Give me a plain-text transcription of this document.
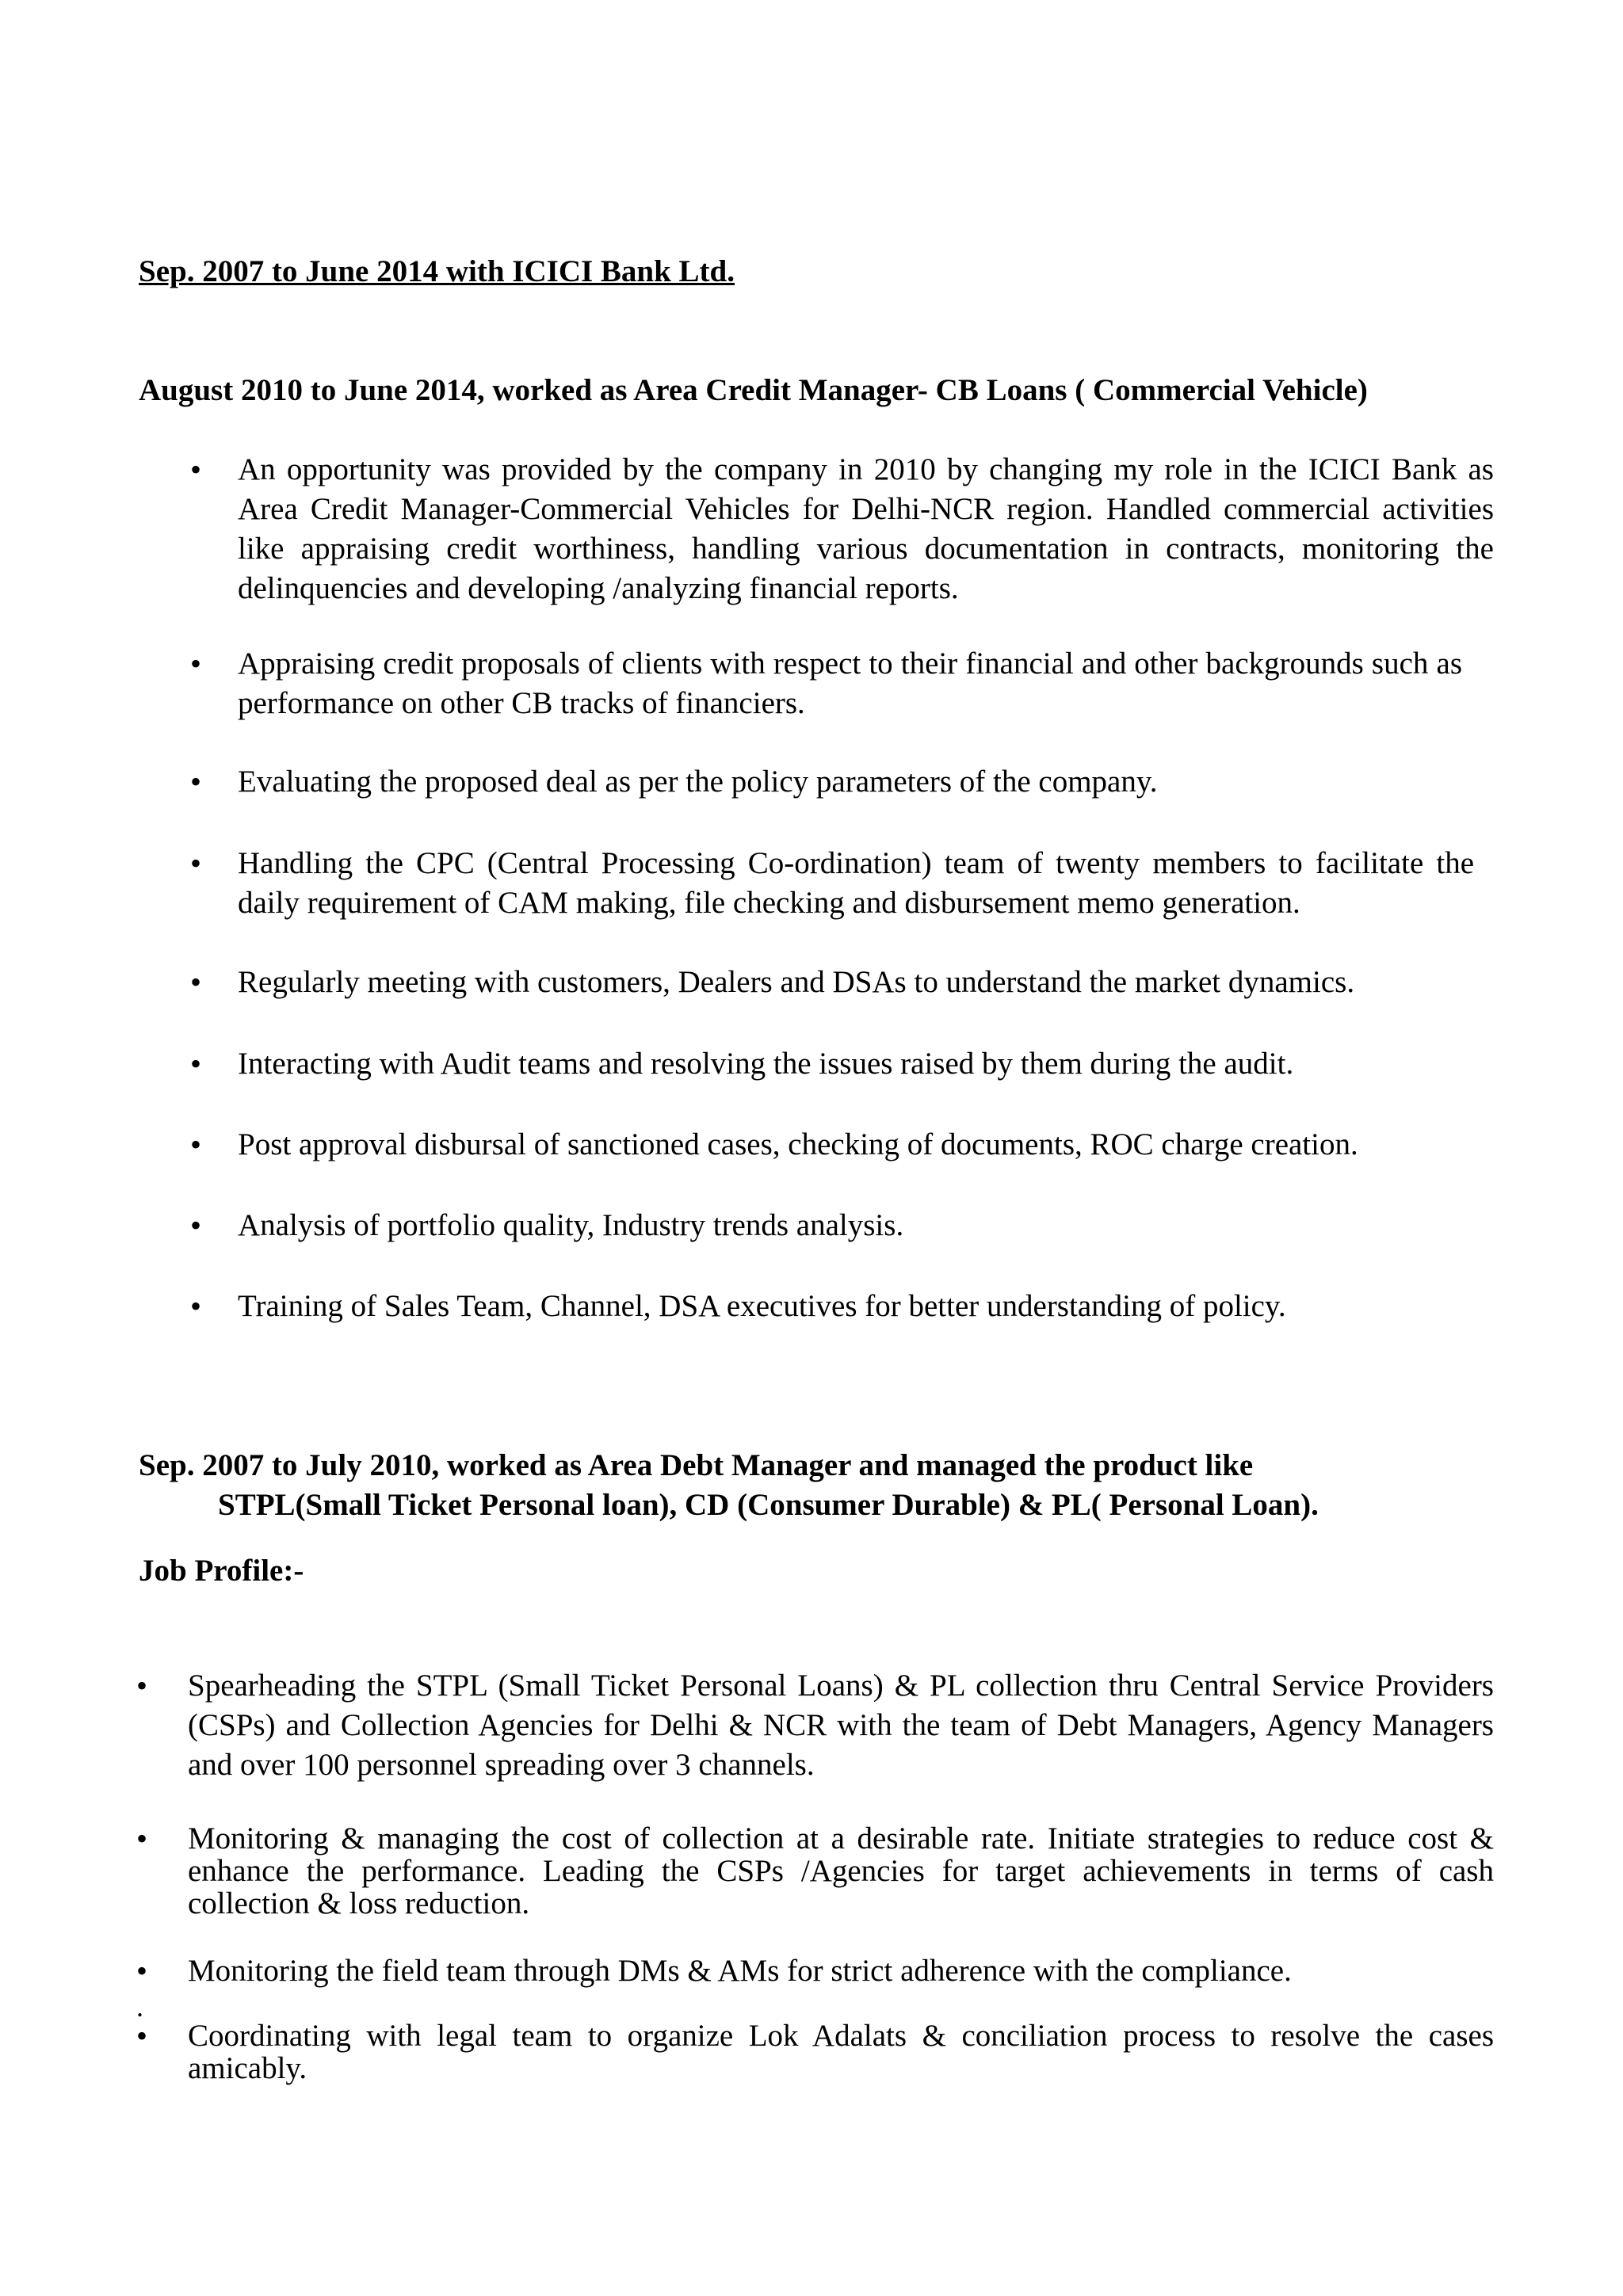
Sep. 2007 to June 2014 with ICICI Bank Ltd.
August 2010 to June 2014, worked as Area Credit Manager- CB Loans ( Commercial Vehicle)
• An opportunity was provided by the company in 2010 by changing my role in the ICICI Bank as Area Credit Manager-Commercial Vehicles for Delhi-NCR region. Handled commercial activities like appraising credit worthiness, handling various documentation in contracts, monitoring the delinquencies and developing /analyzing financial reports.

• Appraising credit proposals of clients with respect to their financial and other backgrounds such as performance on other CB tracks of financiers.

• Evaluating the proposed deal as per the policy parameters of the company.

• Handling the CPC (Central Processing Co-ordination) team of twenty members to facilitate the daily requirement of CAM making, file checking and disbursement memo generation.

• Regularly meeting with customers, Dealers and DSAs to understand the market dynamics.

• Interacting with Audit teams and resolving the issues raised by them during the audit.

• Post approval disbursal of sanctioned cases, checking of documents, ROC charge creation.

• Analysis of portfolio quality, Industry trends analysis.

• Training of Sales Team, Channel, DSA executives for better understanding of policy.

Sep. 2007 to July 2010, worked as Area Debt Manager and managed the product like
STPL(Small Ticket Personal loan), CD (Consumer Durable) & PL( Personal Loan).
Job Profile:-
• Spearheading the STPL (Small Ticket Personal Loans) & PL collection thru Central Service Providers (CSPs) and Collection Agencies for Delhi & NCR with the team of Debt Managers, Agency Managers and over 100 personnel spreading over 3 channels.

• Monitoring & managing the cost of collection at a desirable rate. Initiate strategies to reduce cost & enhance the performance. Leading the CSPs /Agencies for target achievements in terms of cash collection & loss reduction.

• Monitoring the field team through DMs & AMs for strict adherence with the compliance.

• Coordinating with legal team to organize Lok Adalats & conciliation process to resolve the cases amicably.

.
